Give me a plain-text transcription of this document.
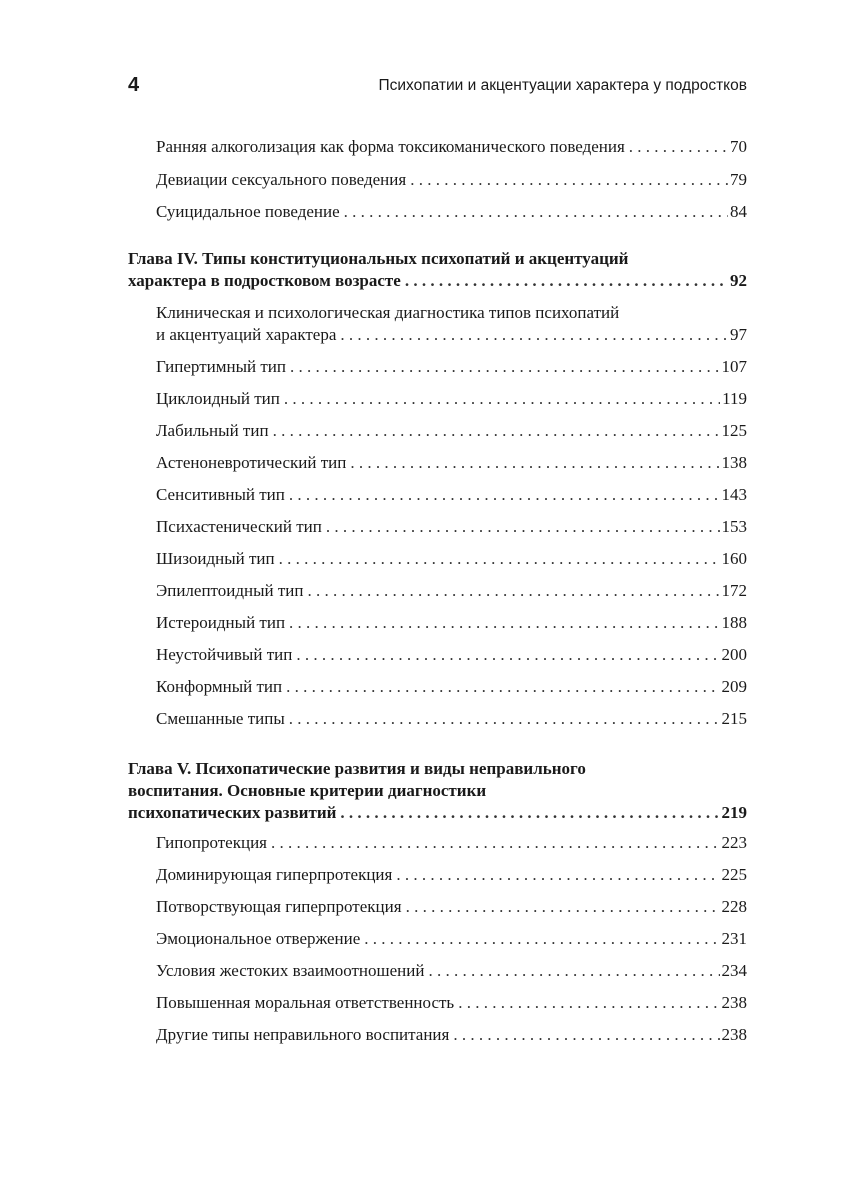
4	Психопатии и акцентуации характера у подростков
Ранняя алкоголизация как форма токсикоманического поведения . . .	70
Девиации сексуального поведения . . .	79
Суицидальное поведение . . .	84
Глава IV. Типы конституциональных психопатий и акцентуаций
характера в подростковом возрасте . . .	92
Клиническая и психологическая диагностика типов психопатий
и акцентуаций характера . . .	97
Гипертимный тип . . .	107
Циклоидный тип . . .	119
Лабильный тип . . .	125
Астеноневротический тип . . .	138
Сенситивный тип . . .	143
Психастенический тип . . .	153
Шизоидный тип . . .	160
Эпилептоидный тип . . .	172
Истероидный тип . . .	188
Неустойчивый тип . . .	200
Конформный тип . . .	209
Смешанные типы . . .	215
Глава V. Психопатические развития и виды неправильного
воспитания. Основные критерии диагностики
психопатических развитий . . .	219
Гипопротекция . . .	223
Доминирующая гиперпротекция . . .	225
Потворствующая гиперпротекция . . .	228
Эмоциональное отвержение . . .	231
Условия жестоких взаимоотношений . . .	234
Повышенная моральная ответственность . . .	238
Другие типы неправильного воспитания . . .	238
